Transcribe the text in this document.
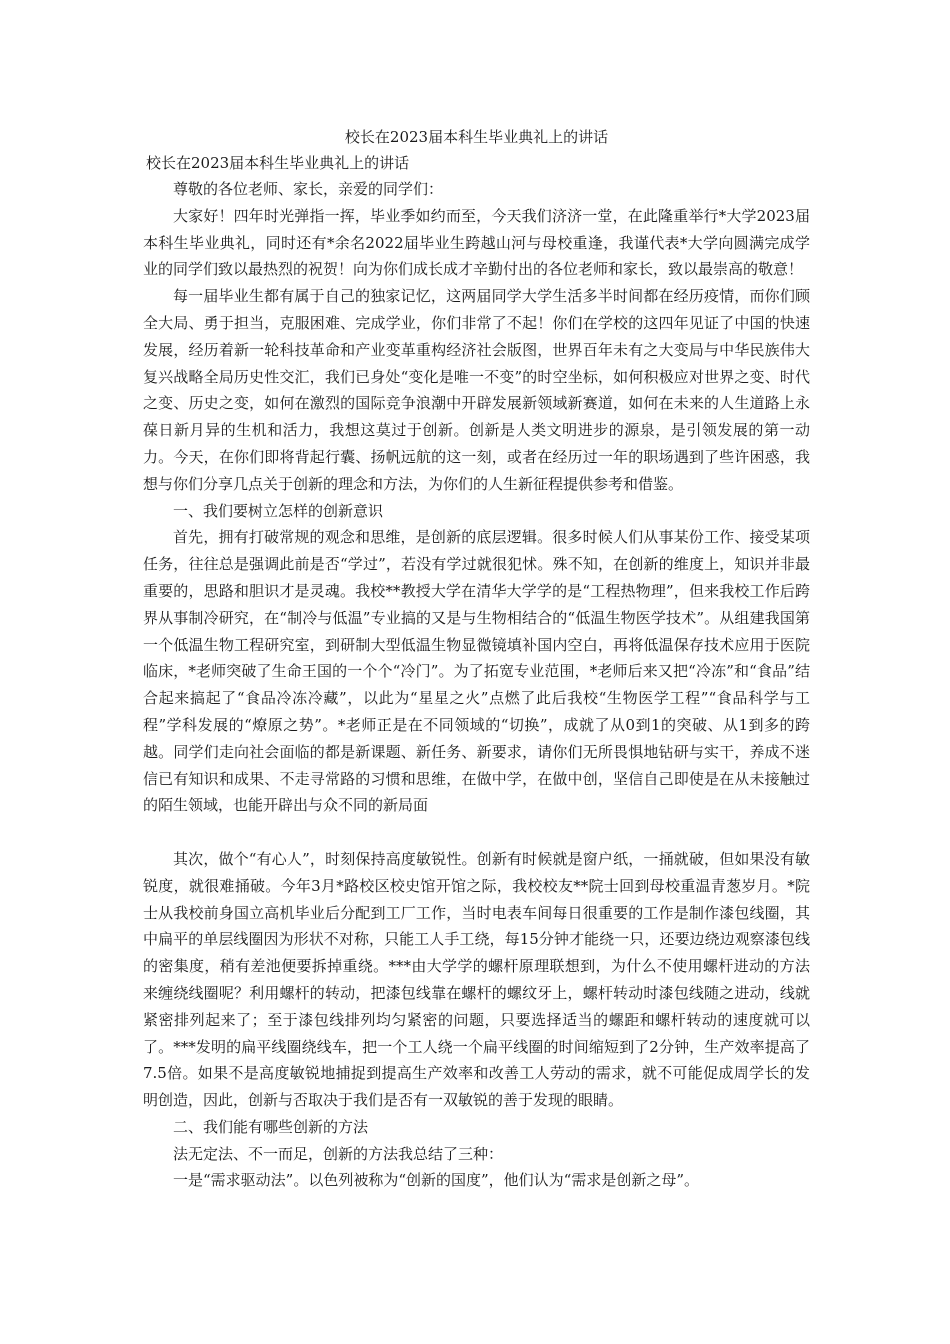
校长在2023届本科生毕业典礼上的讲话

校长在2023届本科生毕业典礼上的讲话

尊敬的各位老师、家长，亲爱的同学们：

大家好！四年时光弹指一挥，毕业季如约而至，今天我们济济一堂，在此隆重举行*大学2023届本科生毕业典礼，同时还有*余名2022届毕业生跨越山河与母校重逢，我谨代表*大学向圆满完成学业的同学们致以最热烈的祝贺！向为你们成长成才辛勤付出的各位老师和家长，致以最崇高的敬意！

每一届毕业生都有属于自己的独家记忆，这两届同学大学生活多半时间都在经历疫情，而你们顾全大局、勇于担当，克服困难、完成学业，你们非常了不起！你们在学校的这四年见证了中国的快速发展，经历着新一轮科技革命和产业变革重构经济社会版图，世界百年未有之大变局与中华民族伟大复兴战略全局历史性交汇，我们已身处“变化是唯一不变”的时空坐标，如何积极应对世界之变、时代之变、历史之变，如何在激烈的国际竞争浪潮中开辟发展新领域新赛道，如何在未来的人生道路上永葆日新月异的生机和活力，我想这莫过于创新。创新是人类文明进步的源泉，是引领发展的第一动力。今天，在你们即将背起行囊、扬帆远航的这一刻，或者在经历过一年的职场遇到了些许困惑，我想与你们分享几点关于创新的理念和方法，为你们的人生新征程提供参考和借鉴。

一、我们要树立怎样的创新意识

首先，拥有打破常规的观念和思维，是创新的底层逻辑。很多时候人们从事某份工作、接受某项任务，往往总是强调此前是否“学过”，若没有学过就很犯怵。殊不知，在创新的维度上，知识并非最重要的，思路和胆识才是灵魂。我校**教授大学在清华大学学的是“工程热物理”，但来我校工作后跨界从事制冷研究，在“制冷与低温”专业搞的又是与生物相结合的“低温生物医学技术”。从组建我国第一个低温生物工程研究室，到研制大型低温生物显微镜填补国内空白，再将低温保存技术应用于医院临床，*老师突破了生命王国的一个个“冷门”。为了拓宽专业范围，*老师后来又把“冷冻”和“食品”结合起来搞起了“食品冷冻冷藏”，以此为“星星之火”点燃了此后我校“生物医学工程”“食品科学与工程”学科发展的“燎原之势”。*老师正是在不同领域的“切换”，成就了从0到1的突破、从1到多的跨越。同学们走向社会面临的都是新课题、新任务、新要求，请你们无所畏惧地钻研与实干，养成不迷信已有知识和成果、不走寻常路的习惯和思维，在做中学，在做中创，坚信自己即使是在从未接触过的陌生领域，也能开辟出与众不同的新局面

其次，做个“有心人”，时刻保持高度敏锐性。创新有时候就是窗户纸，一捅就破，但如果没有敏锐度，就很难捅破。今年3月*路校区校史馆开馆之际，我校校友**院士回到母校重温青葱岁月。*院士从我校前身国立高机毕业后分配到工厂工作，当时电表车间每日很重要的工作是制作漆包线圈，其中扁平的单层线圈因为形状不对称，只能工人手工绕，每15分钟才能绕一只，还要边绕边观察漆包线的密集度，稍有差池便要拆掉重绕。***由大学学的螺杆原理联想到，为什么不使用螺杆进动的方法来缠绕线圈呢？利用螺杆的转动，把漆包线靠在螺杆的螺纹牙上，螺杆转动时漆包线随之进动，线就紧密排列起来了；至于漆包线排列均匀紧密的问题，只要选择适当的螺距和螺杆转动的速度就可以了。***发明的扁平线圈绕线车，把一个工人绕一个扁平线圈的时间缩短到了2分钟，生产效率提高了7.5倍。如果不是高度敏锐地捕捉到提高生产效率和改善工人劳动的需求，就不可能促成周学长的发明创造，因此，创新与否取决于我们是否有一双敏锐的善于发现的眼睛。

二、我们能有哪些创新的方法

法无定法、不一而足，创新的方法我总结了三种：

一是“需求驱动法”。以色列被称为“创新的国度”，他们认为“需求是创新之母”。
